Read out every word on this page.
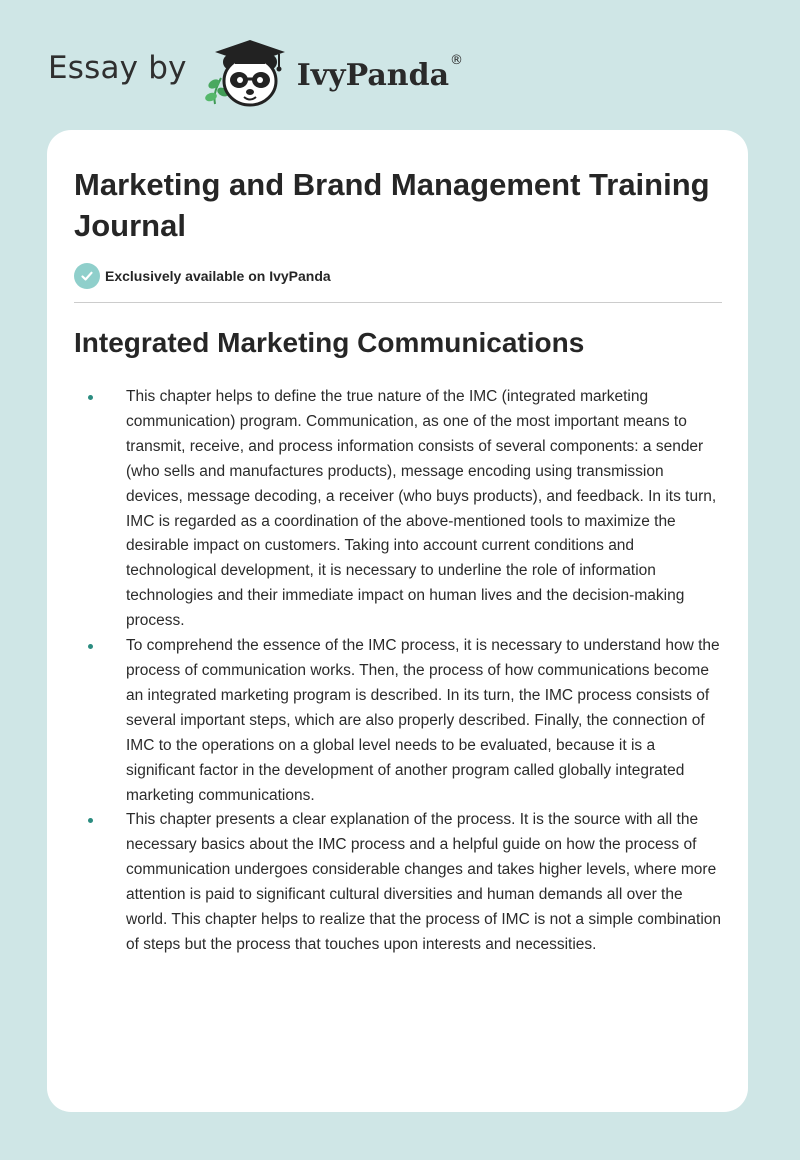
Essay by	IvyPanda ®
Marketing and Brand Management Training Journal
Exclusively available on IvyPanda
Integrated Marketing Communications
This chapter helps to define the true nature of the IMC (integrated marketing communication) program. Communication, as one of the most important means to transmit, receive, and process information consists of several components: a sender (who sells and manufactures products), message encoding using transmission devices, message decoding, a receiver (who buys products), and feedback. In its turn, IMC is regarded as a coordination of the above-mentioned tools to maximize the desirable impact on customers. Taking into account current conditions and technological development, it is necessary to underline the role of information technologies and their immediate impact on human lives and the decision-making process.
To comprehend the essence of the IMC process, it is necessary to understand how the process of communication works. Then, the process of how communications become an integrated marketing program is described. In its turn, the IMC process consists of several important steps, which are also properly described. Finally, the connection of IMC to the operations on a global level needs to be evaluated, because it is a significant factor in the development of another program called globally integrated marketing communications.
This chapter presents a clear explanation of the process. It is the source with all the necessary basics about the IMC process and a helpful guide on how the process of communication undergoes considerable changes and takes higher levels, where more attention is paid to significant cultural diversities and human demands all over the world. This chapter helps to realize that the process of IMC is not a simple combination of steps but the process that touches upon interests and necessities.
